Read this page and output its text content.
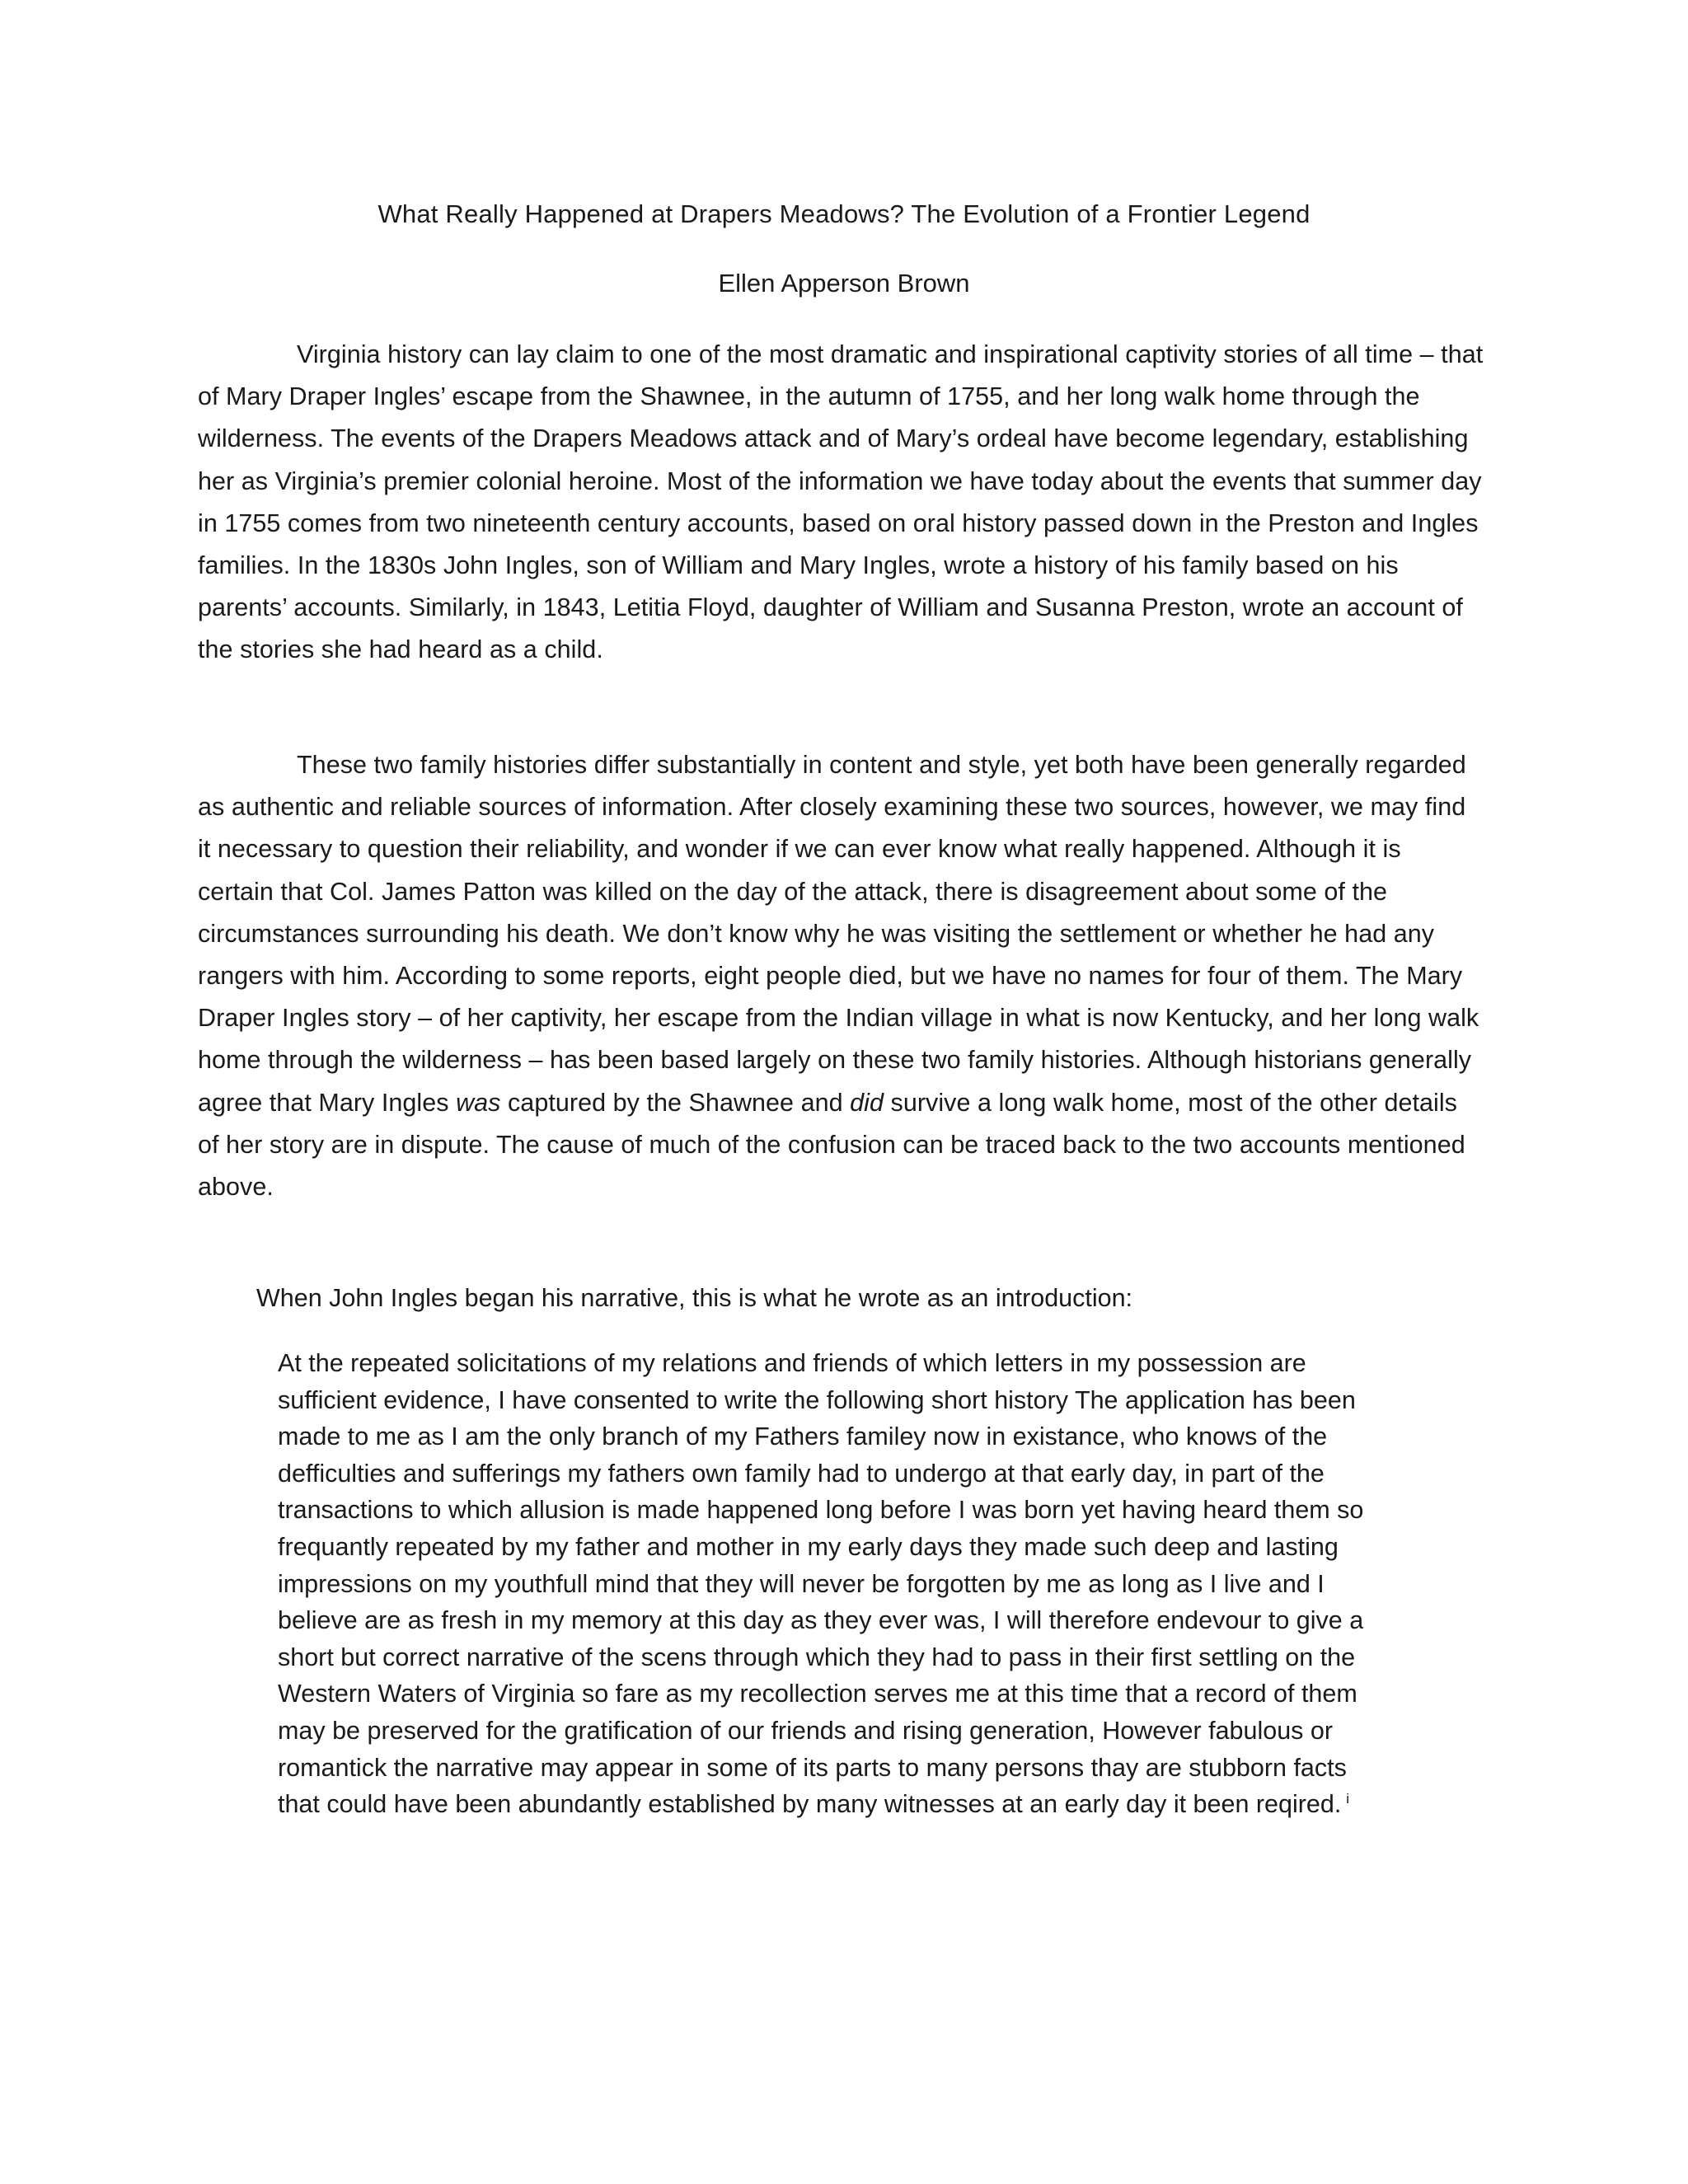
What Really Happened at Drapers Meadows? The Evolution of a Frontier Legend
Ellen Apperson Brown

Virginia history can lay claim to one of the most dramatic and inspirational captivity stories of all time – that of Mary Draper Ingles’ escape from the Shawnee, in the autumn of 1755, and her long walk home through the wilderness. The events of the Drapers Meadows attack and of Mary’s ordeal have become legendary, establishing her as Virginia’s premier colonial heroine. Most of the information we have today about the events that summer day in 1755 comes from two nineteenth century accounts, based on oral history passed down in the Preston and Ingles families. In the 1830s John Ingles, son of William and Mary Ingles, wrote a history of his family based on his parents’ accounts. Similarly, in 1843, Letitia Floyd, daughter of William and Susanna Preston, wrote an account of the stories she had heard as a child.

These two family histories differ substantially in content and style, yet both have been generally regarded as authentic and reliable sources of information. After closely examining these two sources, however, we may find it necessary to question their reliability, and wonder if we can ever know what really happened. Although it is certain that Col. James Patton was killed on the day of the attack, there is disagreement about some of the circumstances surrounding his death. We don’t know why he was visiting the settlement or whether he had any rangers with him. According to some reports, eight people died, but we have no names for four of them. The Mary Draper Ingles story – of her captivity, her escape from the Indian village in what is now Kentucky, and her long walk home through the wilderness – has been based largely on these two family histories. Although historians generally agree that Mary Ingles was captured by the Shawnee and did survive a long walk home, most of the other details of her story are in dispute. The cause of much of the confusion can be traced back to the two accounts mentioned above.

When John Ingles began his narrative, this is what he wrote as an introduction:

At the repeated solicitations of my relations and friends of which letters in my possession are sufficient evidence, I have consented to write the following short history The application has been made to me as I am the only branch of my Fathers familey now in existance, who knows of the defficulties and sufferings my fathers own family had to undergo at that early day, in part of the transactions to which allusion is made happened long before I was born yet having heard them so frequantly repeated by my father and mother in my early days they made such deep and lasting impressions on my youthfull mind that they will never be forgotten by me as long as I live and I believe are as fresh in my memory at this day as they ever was, I will therefore endevour to give a short but correct narrative of the scens through which they had to pass in their first settling on the Western Waters of Virginia so fare as my recollection serves me at this time that a record of them may be preserved for the gratification of our friends and rising generation, However fabulous or romantick the narrative may appear in some of its parts to many persons thay are stubborn facts that could have been abundantly established by many witnesses at an early day it been reqired. $^i$
